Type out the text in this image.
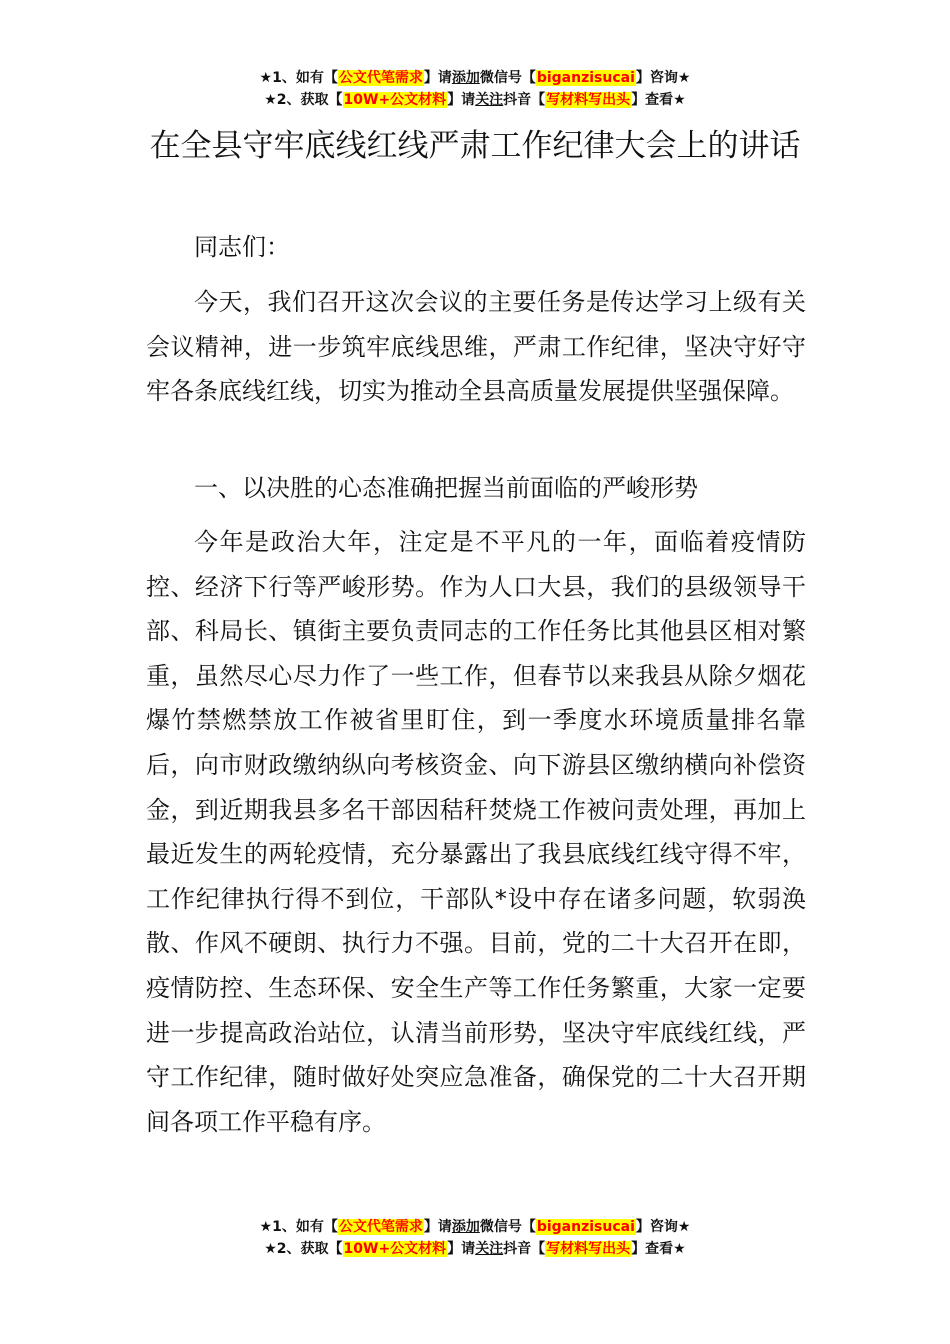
★1、如有【公文代笔需求】请添加微信号【biganzisucai】咨询★
★2、获取【10W+公文材料】请关注抖音【写材料写出头】查看★
在全县守牢底线红线严肃工作纪律大会上的讲话

同志们：

今天，我们召开这次会议的主要任务是传达学习上级有关会议精神，进一步筑牢底线思维，严肃工作纪律，坚决守好守牢各条底线红线，切实为推动全县高质量发展提供坚强保障。

一、以决胜的心态准确把握当前面临的严峻形势

今年是政治大年，注定是不平凡的一年，面临着疫情防控、经济下行等严峻形势。作为人口大县，我们的县级领导干部、科局长、镇街主要负责同志的工作任务比其他县区相对繁重，虽然尽心尽力作了一些工作，但春节以来我县从除夕烟花爆竹禁燃禁放工作被省里盯住，到一季度水环境质量排名靠后，向市财政缴纳纵向考核资金、向下游县区缴纳横向补偿资金，到近期我县多名干部因秸秆焚烧工作被问责处理，再加上最近发生的两轮疫情，充分暴露出了我县底线红线守得不牢，工作纪律执行得不到位，干部队*设中存在诸多问题，软弱涣散、作风不硬朗、执行力不强。目前，党的二十大召开在即，疫情防控、生态环保、安全生产等工作任务繁重，大家一定要进一步提高政治站位，认清当前形势，坚决守牢底线红线，严守工作纪律，随时做好处突应急准备，确保党的二十大召开期间各项工作平稳有序。

★1、如有【公文代笔需求】请添加微信号【biganzisucai】咨询★
★2、获取【10W+公文材料】请关注抖音【写材料写出头】查看★
